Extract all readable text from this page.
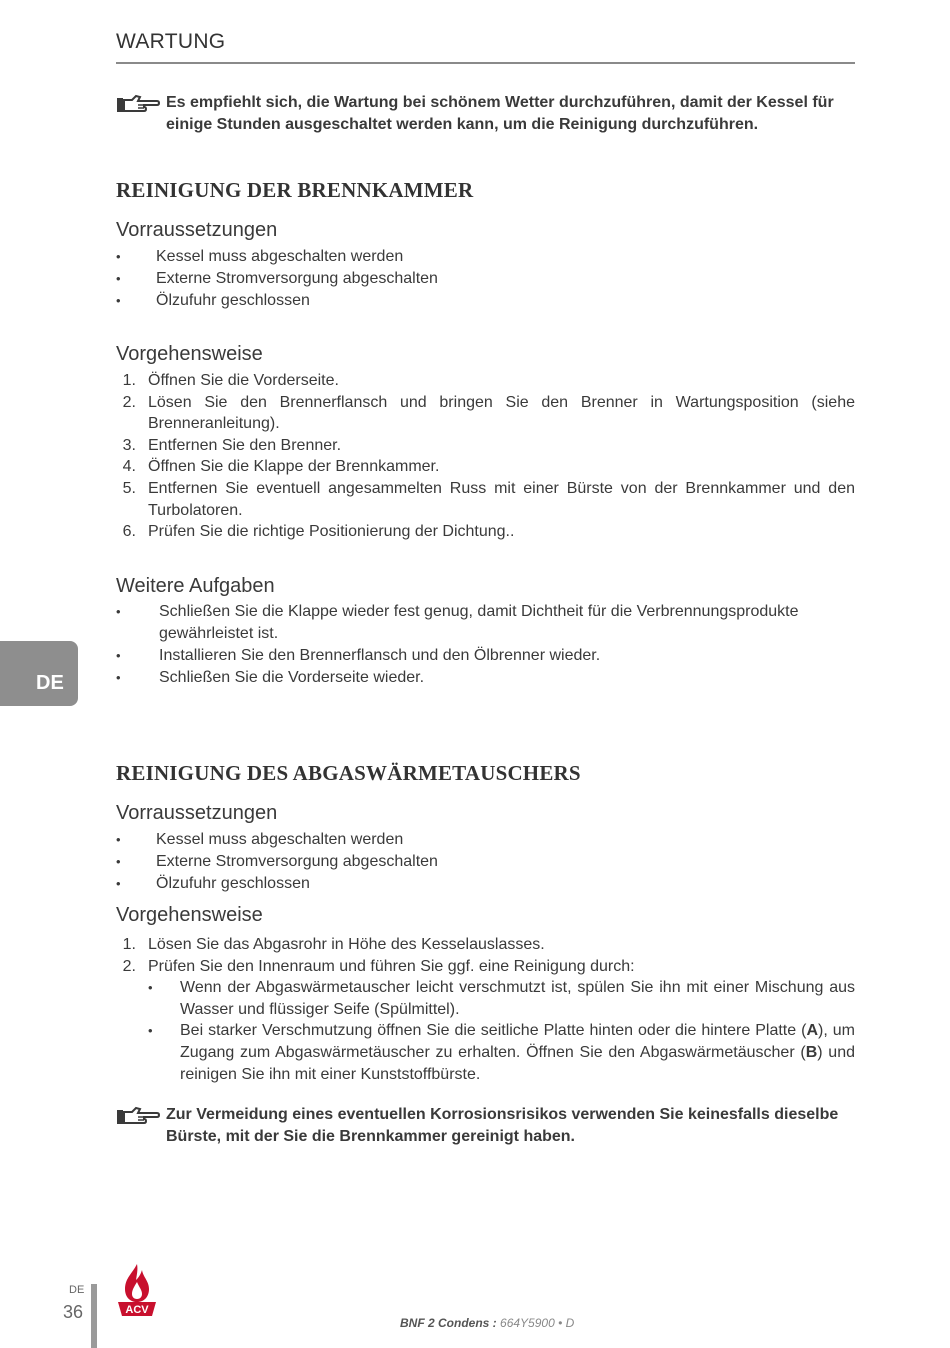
WARTUNG
Es empfiehlt sich, die Wartung bei schönem Wetter durchzuführen, damit der Kessel für einige Stunden ausgeschaltet werden kann, um die Reinigung durchzuführen.
REINIGUNG DER BRENNKAMMER
Vorraussetzungen
• Kessel muss abgeschalten werden
• Externe Stromversorgung abgeschalten
• Ölzufuhr geschlossen
Vorgehensweise
1. Öffnen Sie die Vorderseite.
2. Lösen Sie den Brennerflansch und bringen Sie den Brenner in Wartungsposition (siehe Brenneranleitung).
3. Entfernen Sie den Brenner.
4. Öffnen Sie die Klappe der Brennkammer.
5. Entfernen Sie eventuell angesammelten Russ mit einer Bürste von der Brennkammer und den Turbolatoren.
6. Prüfen Sie die richtige Positionierung der Dichtung..
Weitere Aufgaben
• Schließen Sie die Klappe wieder fest genug, damit Dichtheit für die Verbrennungsprodukte gewährleistet ist.
• Installieren Sie den Brennerflansch und den Ölbrenner wieder.
• Schließen Sie die Vorderseite wieder.
DE
REINIGUNG DES ABGASWÄRMETAUSCHERS
Vorraussetzungen
• Kessel muss abgeschalten werden
• Externe Stromversorgung abgeschalten
• Ölzufuhr geschlossen
Vorgehensweise
1. Lösen Sie das Abgasrohr in Höhe des Kesselauslasses.
2. Prüfen Sie den Innenraum und führen Sie ggf. eine Reinigung durch:
• Wenn der Abgaswärmetauscher leicht verschmutzt ist, spülen Sie ihn mit einer Mischung aus Wasser und flüssiger Seife (Spülmittel).
• Bei starker Verschmutzung öffnen Sie die seitliche Platte hinten oder die hintere Platte (A), um Zugang zum Abgaswärmetäuscher zu erhalten. Öffnen Sie den Abgaswärmetäuscher (B) und reinigen Sie ihn mit einer Kunststoffbürste.
Zur Vermeidung eines eventuellen Korrosionsrisikos verwenden Sie keinesfalls dieselbe Bürste, mit der Sie die Brennkammer gereinigt haben.
DE
36	ACV
BNF 2 Condens : 664Y5900 • D
